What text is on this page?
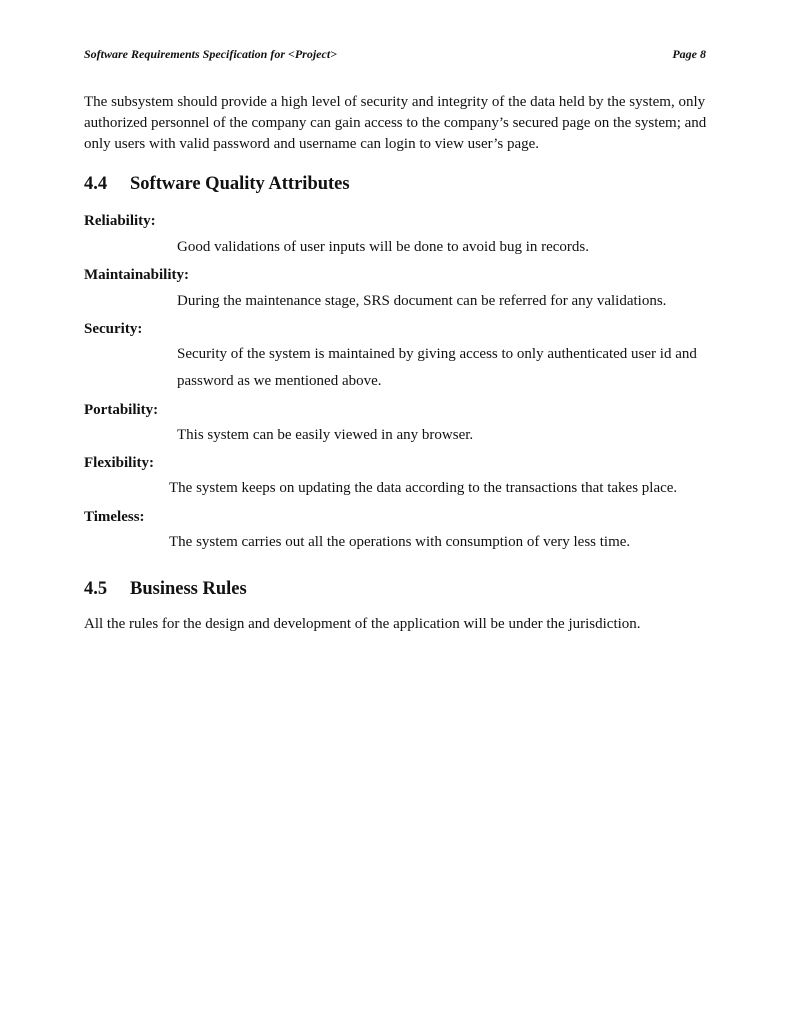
Software Requirements Specification for <Project>	Page 8

The subsystem should provide a high level of security and integrity of the data held by the system, only authorized personnel of the company can gain access to the company’s secured page on the system; and only users with valid password and username can login to view user’s page.

4.4 Software Quality Attributes
Reliability:
Good validations of user inputs will be done to avoid bug in records.
Maintainability:
During the maintenance stage, SRS document can be referred for any validations.
Security:
Security of the system is maintained by giving access to only authenticated user id and password as we mentioned above.
Portability:
This system can be easily viewed in any browser.
Flexibility:
The system keeps on updating the data according to the transactions that takes place.
Timeless:
The system carries out all the operations with consumption of very less time.
4.5 Business Rules
All the rules for the design and development of the application will be under the jurisdiction.
